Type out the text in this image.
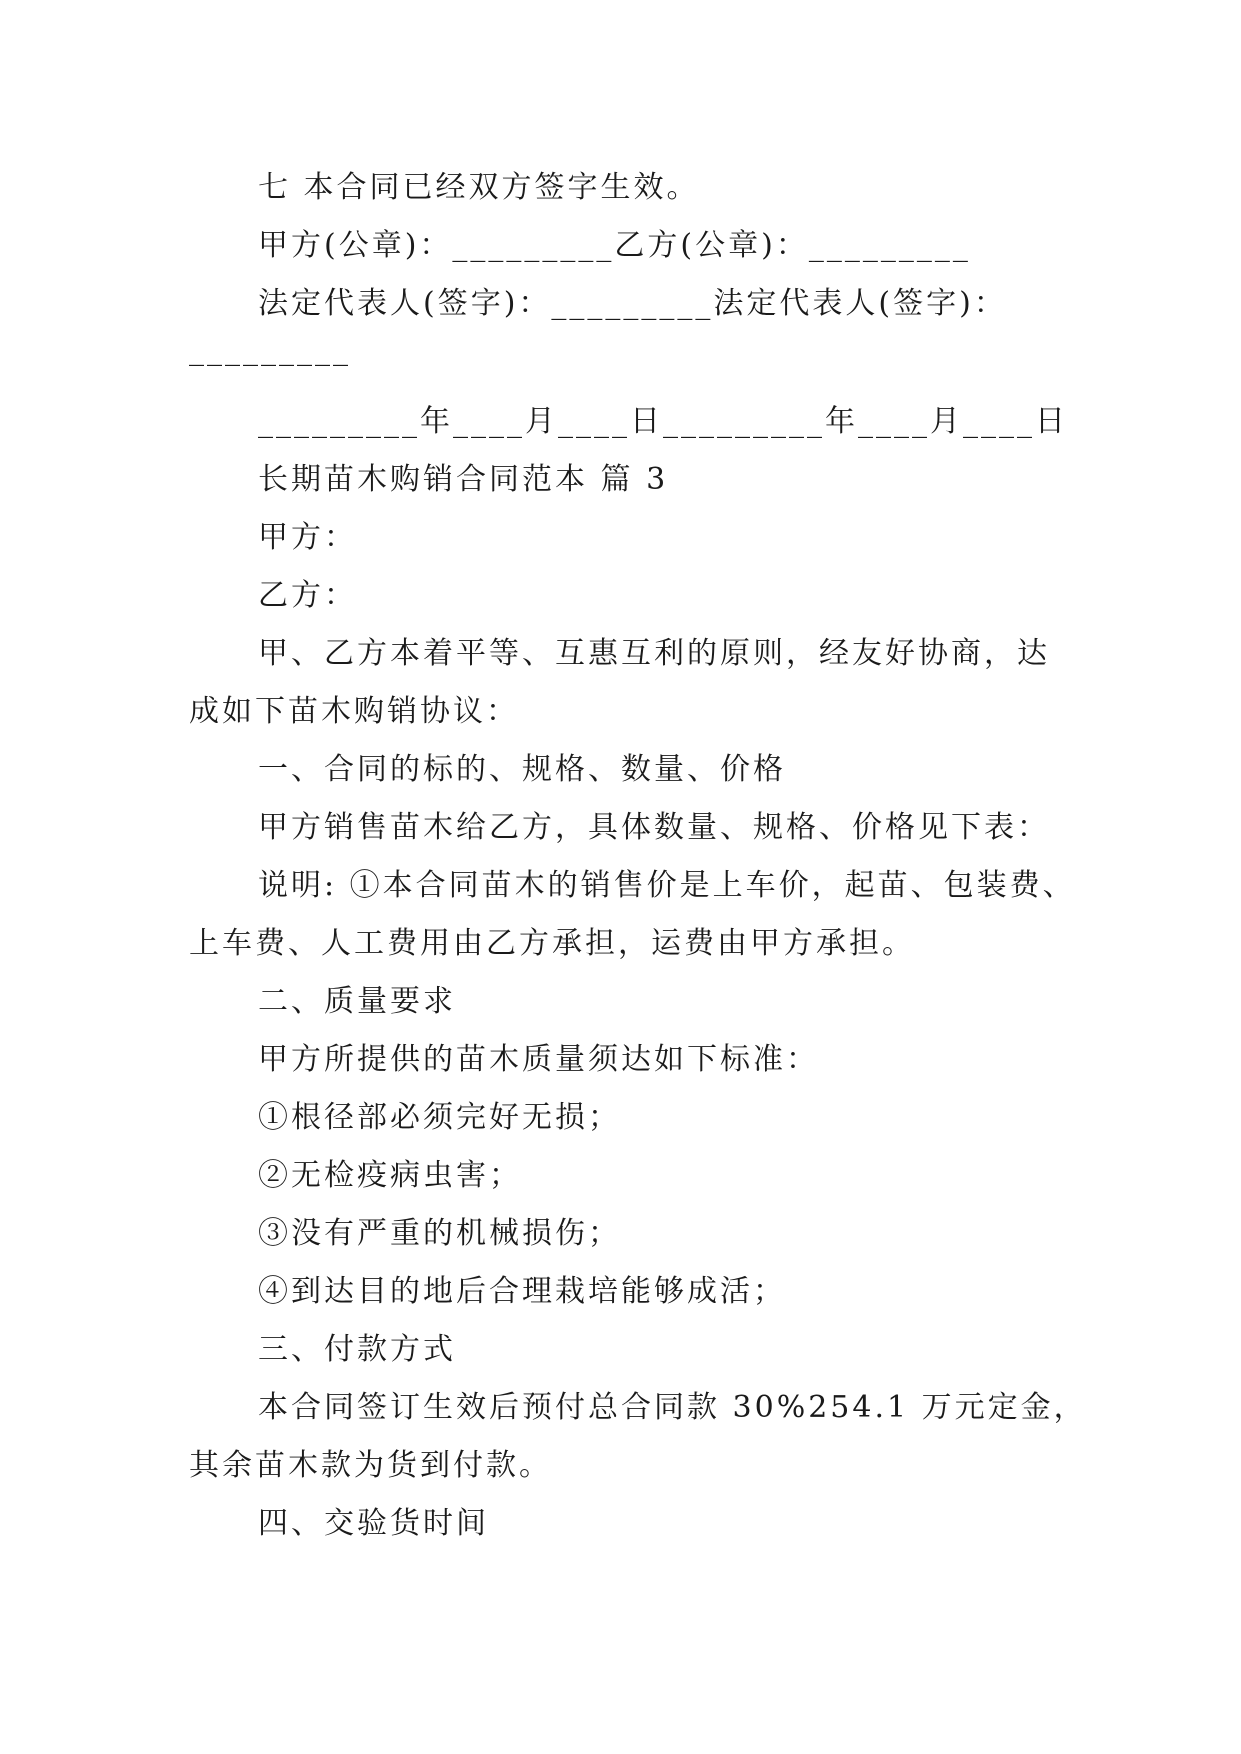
七 本合同已经双方签字生效。
甲方(公章)：_________乙方(公章)：_________
法定代表人(签字)：_________法定代表人(签字)：
_________
_________年____月____日_________年____月____日
长期苗木购销合同范本 篇 3
甲方：
乙方：
甲、乙方本着平等、互惠互利的原则，经友好协商，达
成如下苗木购销协议：
一、合同的标的、规格、数量、价格
甲方销售苗木给乙方，具体数量、规格、价格见下表：
说明: ①本合同苗木的销售价是上车价，起苗、包装费、
上车费、人工费用由乙方承担，运费由甲方承担。
二、质量要求
甲方所提供的苗木质量须达如下标准：
①根径部必须完好无损；
②无检疫病虫害；
③没有严重的机械损伤；
④到达目的地后合理栽培能够成活；
三、付款方式
本合同签订生效后预付总合同款 30%254.1 万元定金，
其余苗木款为货到付款。
四、交验货时间
